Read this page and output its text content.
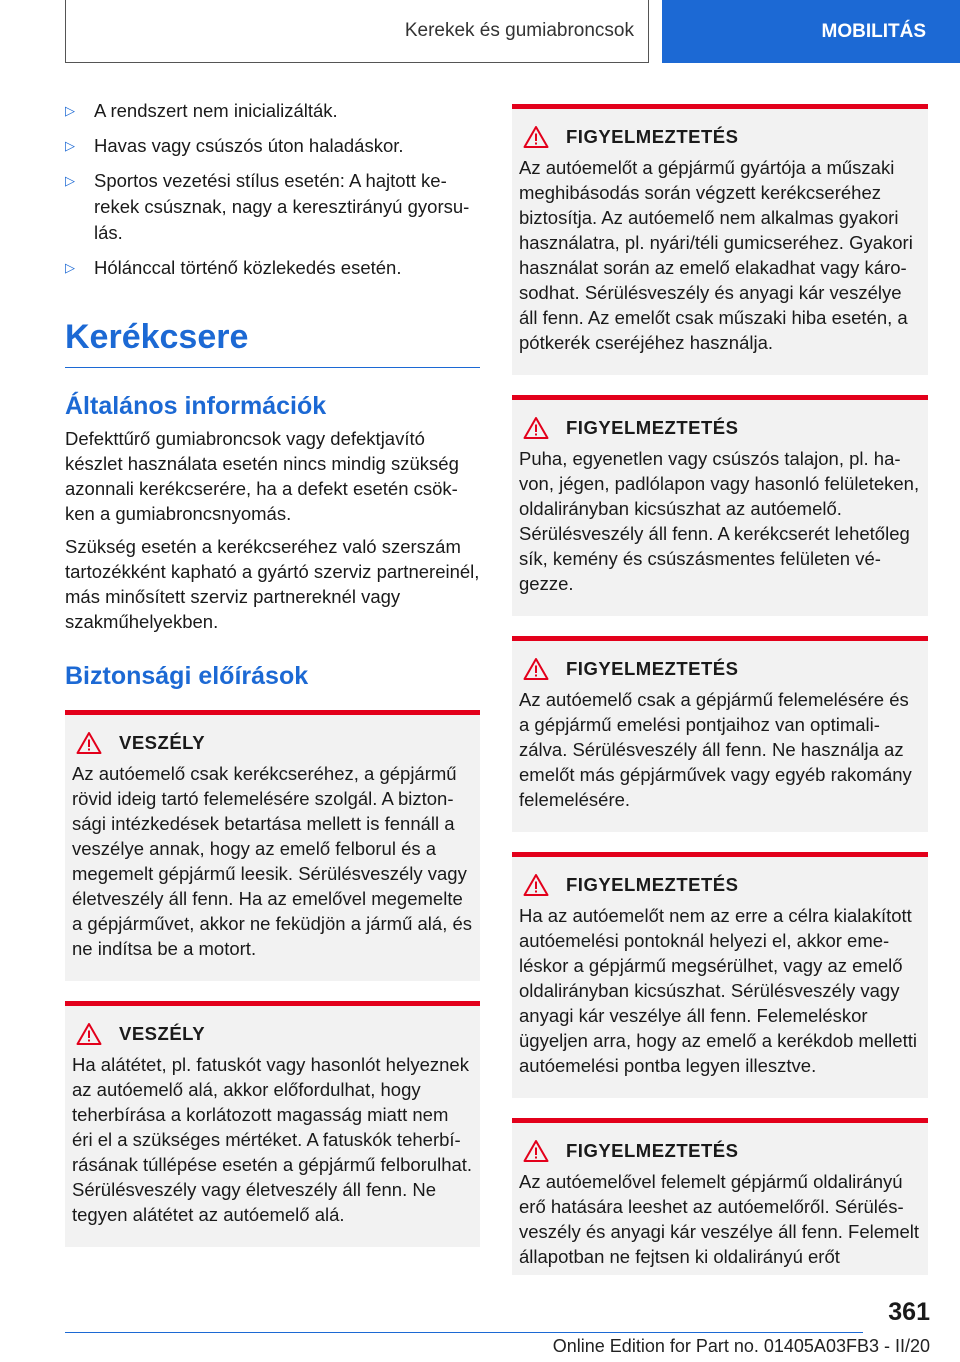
Kerekek és gumiabroncsok	MOBILITÁS
▷ A rendszert nem inicializálták.
▷ Havas vagy csúszós úton haladáskor.
▷ Sportos vezetési stílus esetén: A hajtott kerekek csúsznak, nagy a keresztirányú gyorsulás.
▷ Hólánccal történő közlekedés esetén.
Kerékcsere
Általános információk

Defekttűrő gumiabroncsok vagy defektjavító készlet használata esetén nincs mindig szükség azonnali kerékcserére, ha a defekt esetén csökken a gumiabroncsnyomás.

Szükség esetén a kerékcseréhez való szerszám tartozékként kapható a gyártó szerviz partnereinél, más minősített szerviz partnereknél vagy szakműhelyekben.

Biztonsági előírások
VESZÉLY
Az autóemelő csak kerékcseréhez, a gépjármű rövid ideig tartó felemelésére szolgál. A biztonsági intézkedések betartása mellett is fennáll a veszélye annak, hogy az emelő felborul és a megemelt gépjármű leesik. Sérülésveszély vagy életveszély áll fenn. Ha az emelővel megemelte a gépjárművet, akkor ne feküdjön a jármű alá, és ne indítsa be a motort.
VESZÉLY
Ha alátétet, pl. fatuskót vagy hasonlót helyeznek az autóemelő alá, akkor előfordulhat, hogy teherbírása a korlátozott magasság miatt nem éri el a szükséges mértéket. A fatuskók teherbírásának túllépése esetén a gépjármű felborulhat. Sérülésveszély vagy életveszély áll fenn. Ne tegyen alátétet az autóemelő alá.
FIGYELMEZTETÉS
Az autóemelőt a gépjármű gyártója a műszaki meghibásodás során végzett kerékcseréhez biztosítja. Az autóemelő nem alkalmas gyakori használatra, pl. nyári/téli gumicseréhez. Gyakori használat során az emelő elakadhat vagy károsodhat. Sérülésveszély és anyagi kár veszélye áll fenn. Az emelőt csak műszaki hiba esetén, a pótkerék cseréjéhez használja.
FIGYELMEZTETÉS
Puha, egyenetlen vagy csúszós talajon, pl. havon, jégen, padlólapon vagy hasonló felületeken, oldalirányban kicsúszhat az autóemelő. Sérülésveszély áll fenn. A kerékcserét lehetőleg sík, kemény és csúszásmentes felületen végezze.
FIGYELMEZTETÉS
Az autóemelő csak a gépjármű felemelésére és a gépjármű emelési pontjaihoz van optimalizálva. Sérülésveszély áll fenn. Ne használja az emelőt más gépjárművek vagy egyéb rakomány felemelésére.
FIGYELMEZTETÉS
Ha az autóemelőt nem az erre a célra kialakított autóemelési pontoknál helyezi el, akkor emeléskor a gépjármű megsérülhet, vagy az emelő oldalirányban kicsúszhat. Sérülésveszély vagy anyagi kár veszélye áll fenn. Felemeléskor ügyeljen arra, hogy az emelő a kerékdob melletti autóemelési pontba legyen illesztve.
FIGYELMEZTETÉS
Az autóemelővel felemelt gépjármű oldalirányú erő hatására leeshet az autóemelőről. Sérülésveszély és anyagi kár veszélye áll fenn. Felemelt állapotban ne fejtsen ki oldalirányú erőt
361
Online Edition for Part no. 01405A03FB3 - II/20
